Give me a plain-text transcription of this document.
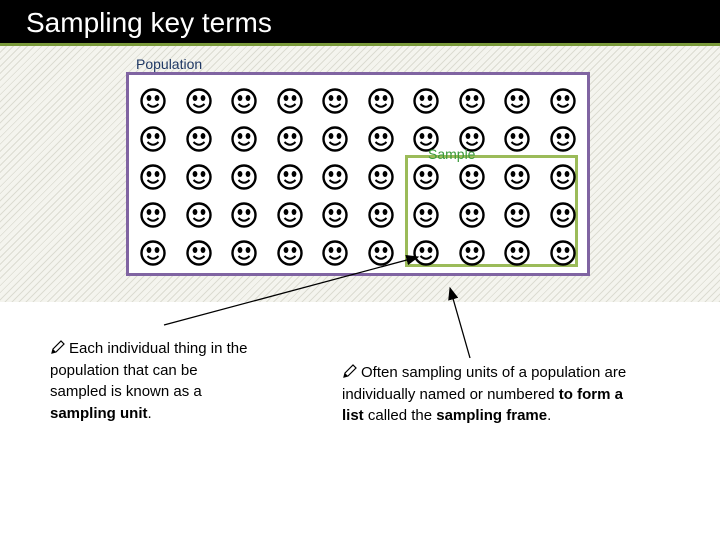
Sampling key terms
Population
Sample
Each individual thing in the population that can be sampled is known as a sampling unit.
Often sampling units of a population are individually named or numbered to form a list called the sampling frame.
